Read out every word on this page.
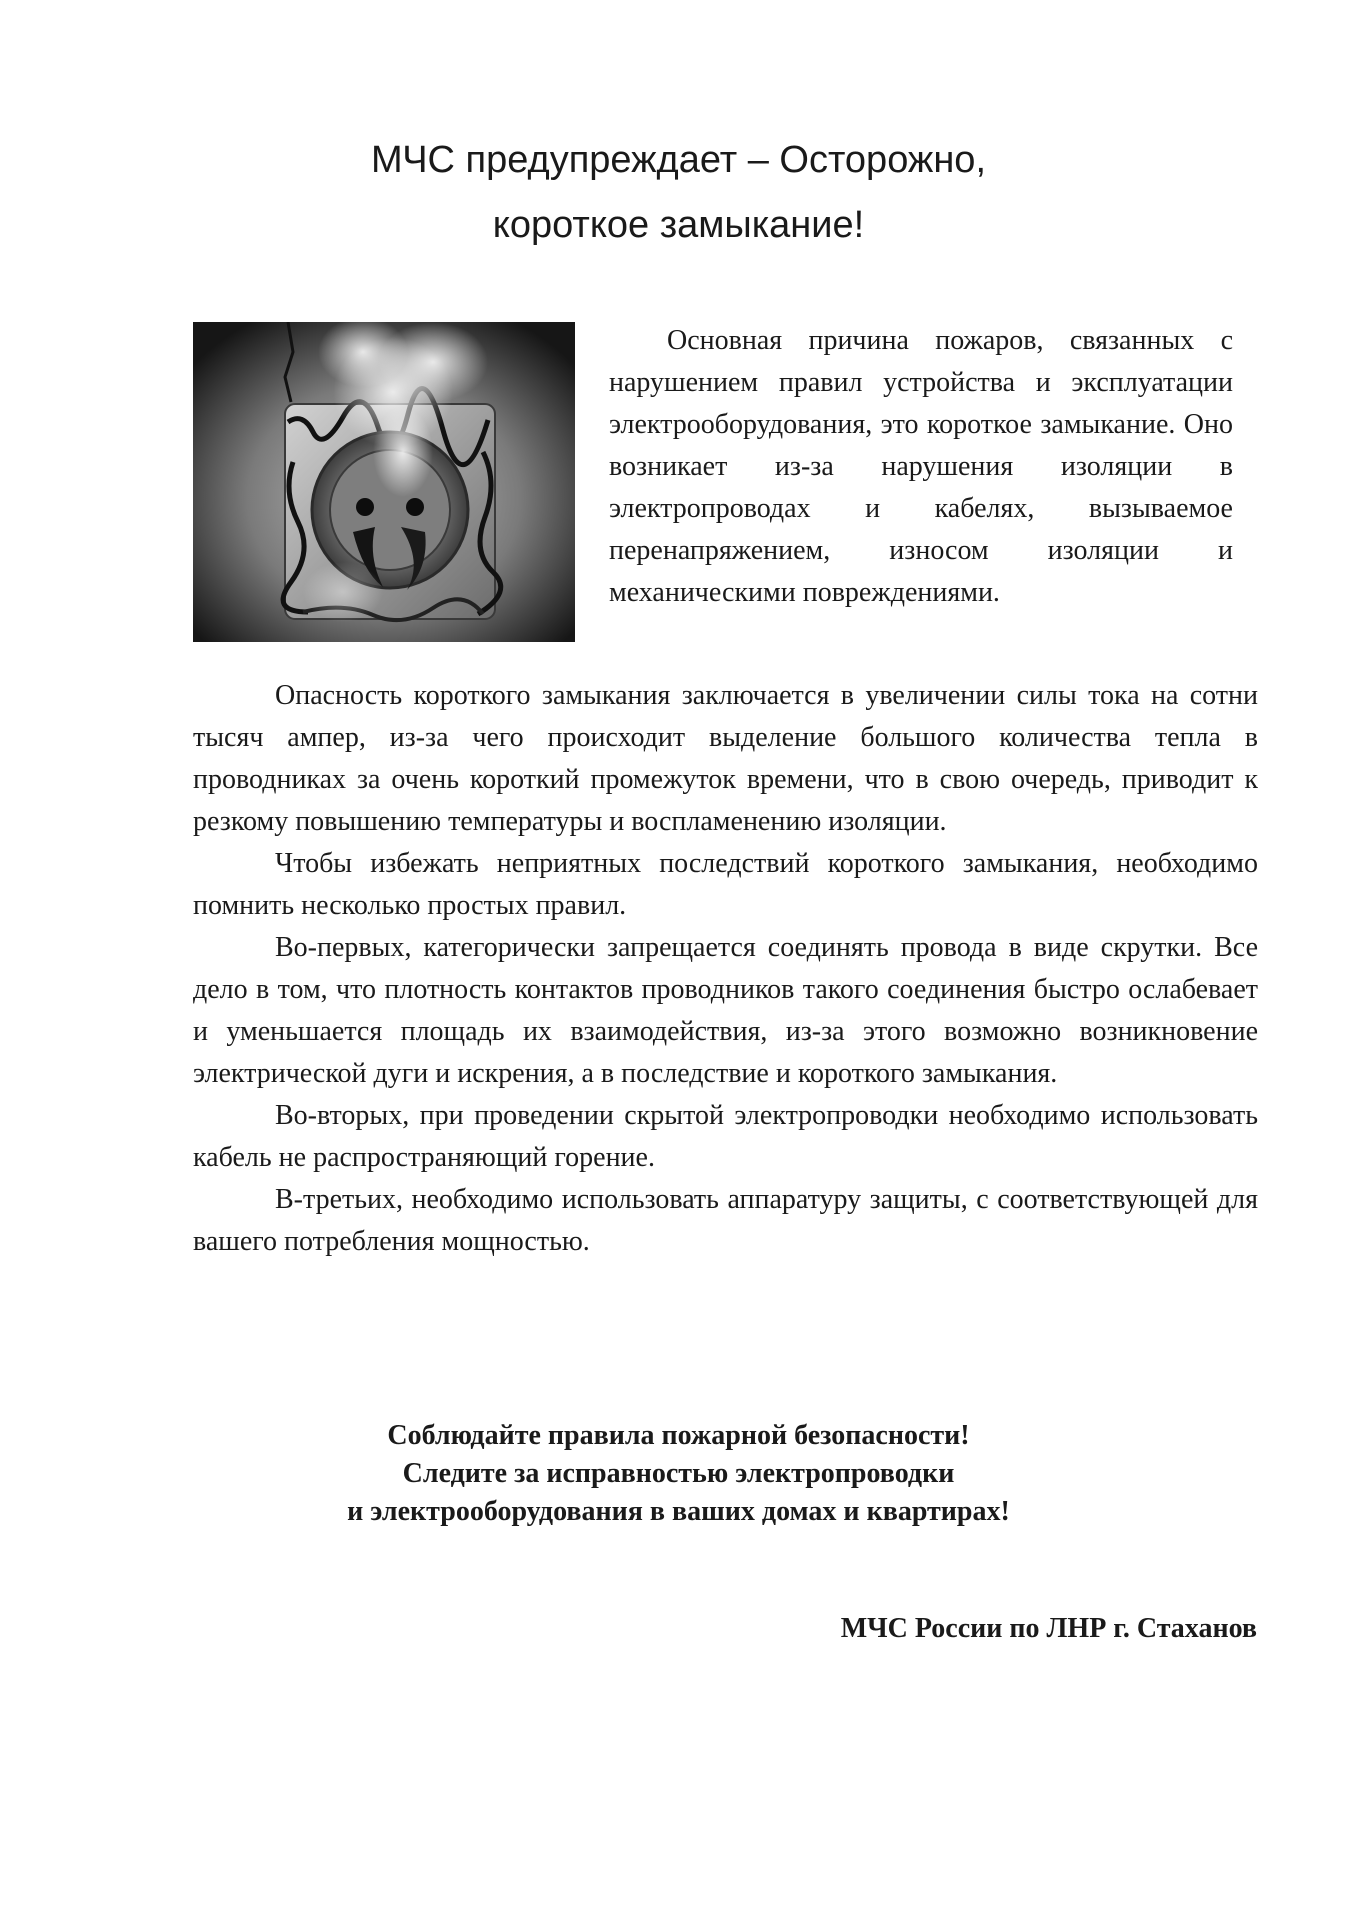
МЧС предупреждает – Осторожно,
короткое замыкание!

Основная причина пожаров, связанных с нарушением правил устройства и эксплуатации электрооборудования, это короткое замыкание. Оно возникает из-за нарушения изоляции в электропроводах и кабелях, вызываемое перенапряжением, износом изоляции и механическими повреждениями.

Опасность короткого замыкания заключается в увеличении силы тока на сотни тысяч ампер, из-за чего происходит выделение большого количества тепла в проводниках за очень короткий промежуток времени, что в свою очередь, приводит к резкому повышению температуры и воспламенению изоляции.

Чтобы избежать неприятных последствий короткого замыкания, необходимо помнить несколько простых правил.

Во-первых, категорически запрещается соединять провода в виде скрутки. Все дело в том, что плотность контактов проводников такого соединения быстро ослабевает и уменьшается площадь их взаимодействия, из-за этого возможно возникновение электрической дуги и искрения, а в последствие и короткого замыкания.

Во-вторых, при проведении скрытой электропроводки необходимо использовать кабель не распространяющий горение.

В-третьих, необходимо использовать аппаратуру защиты, с соответствующей для вашего потребления мощностью.

Соблюдайте правила пожарной безопасности!
Следите за исправностью электропроводки
и электрооборудования в ваших домах и квартирах!
МЧС России по ЛНР г. Стаханов
